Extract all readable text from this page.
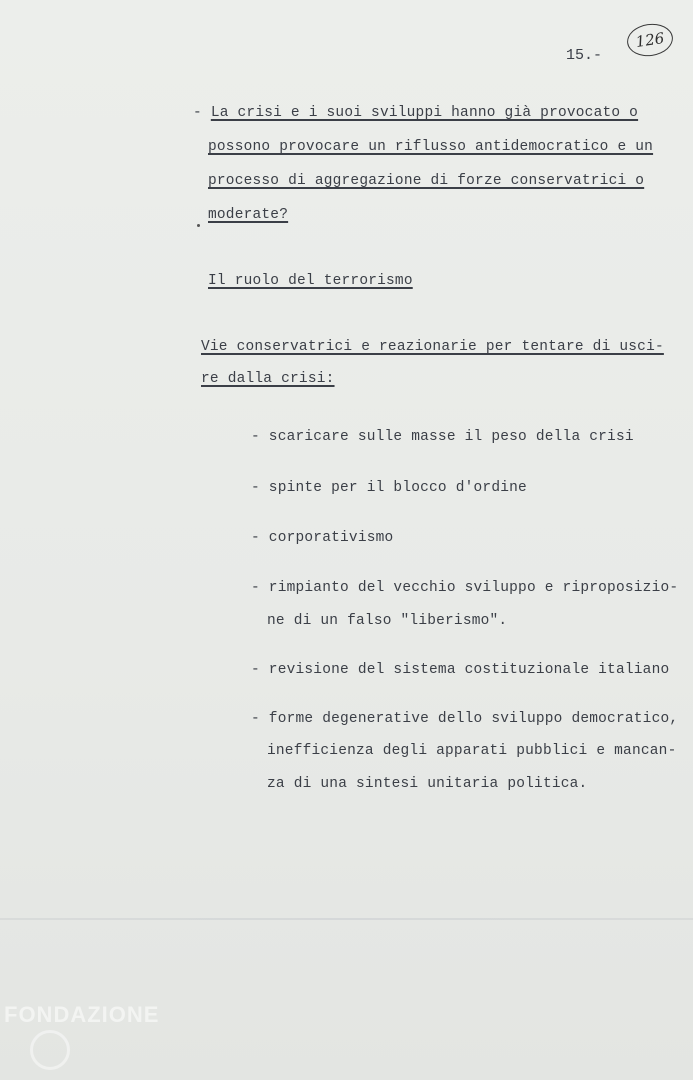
15.-
126
- La crisi e i suoi sviluppi hanno già provocato o
possono provocare un riflusso antidemocratico e un
processo di aggregazione di forze conservatrici o
moderate?
Il ruolo del terrorismo
Vie conservatrici e reazionarie per tentare di usci-
re dalla crisi:
- scaricare sulle masse il peso della crisi
- spinte per il blocco d'ordine
- corporativismo
- rimpianto del vecchio sviluppo e riproposizio-
ne di un falso "liberismo".
- revisione del sistema costituzionale italiano
- forme degenerative dello sviluppo democratico,
inefficienza degli apparati pubblici e mancan-
za di una sintesi unitaria politica.
FONDAZIONE
